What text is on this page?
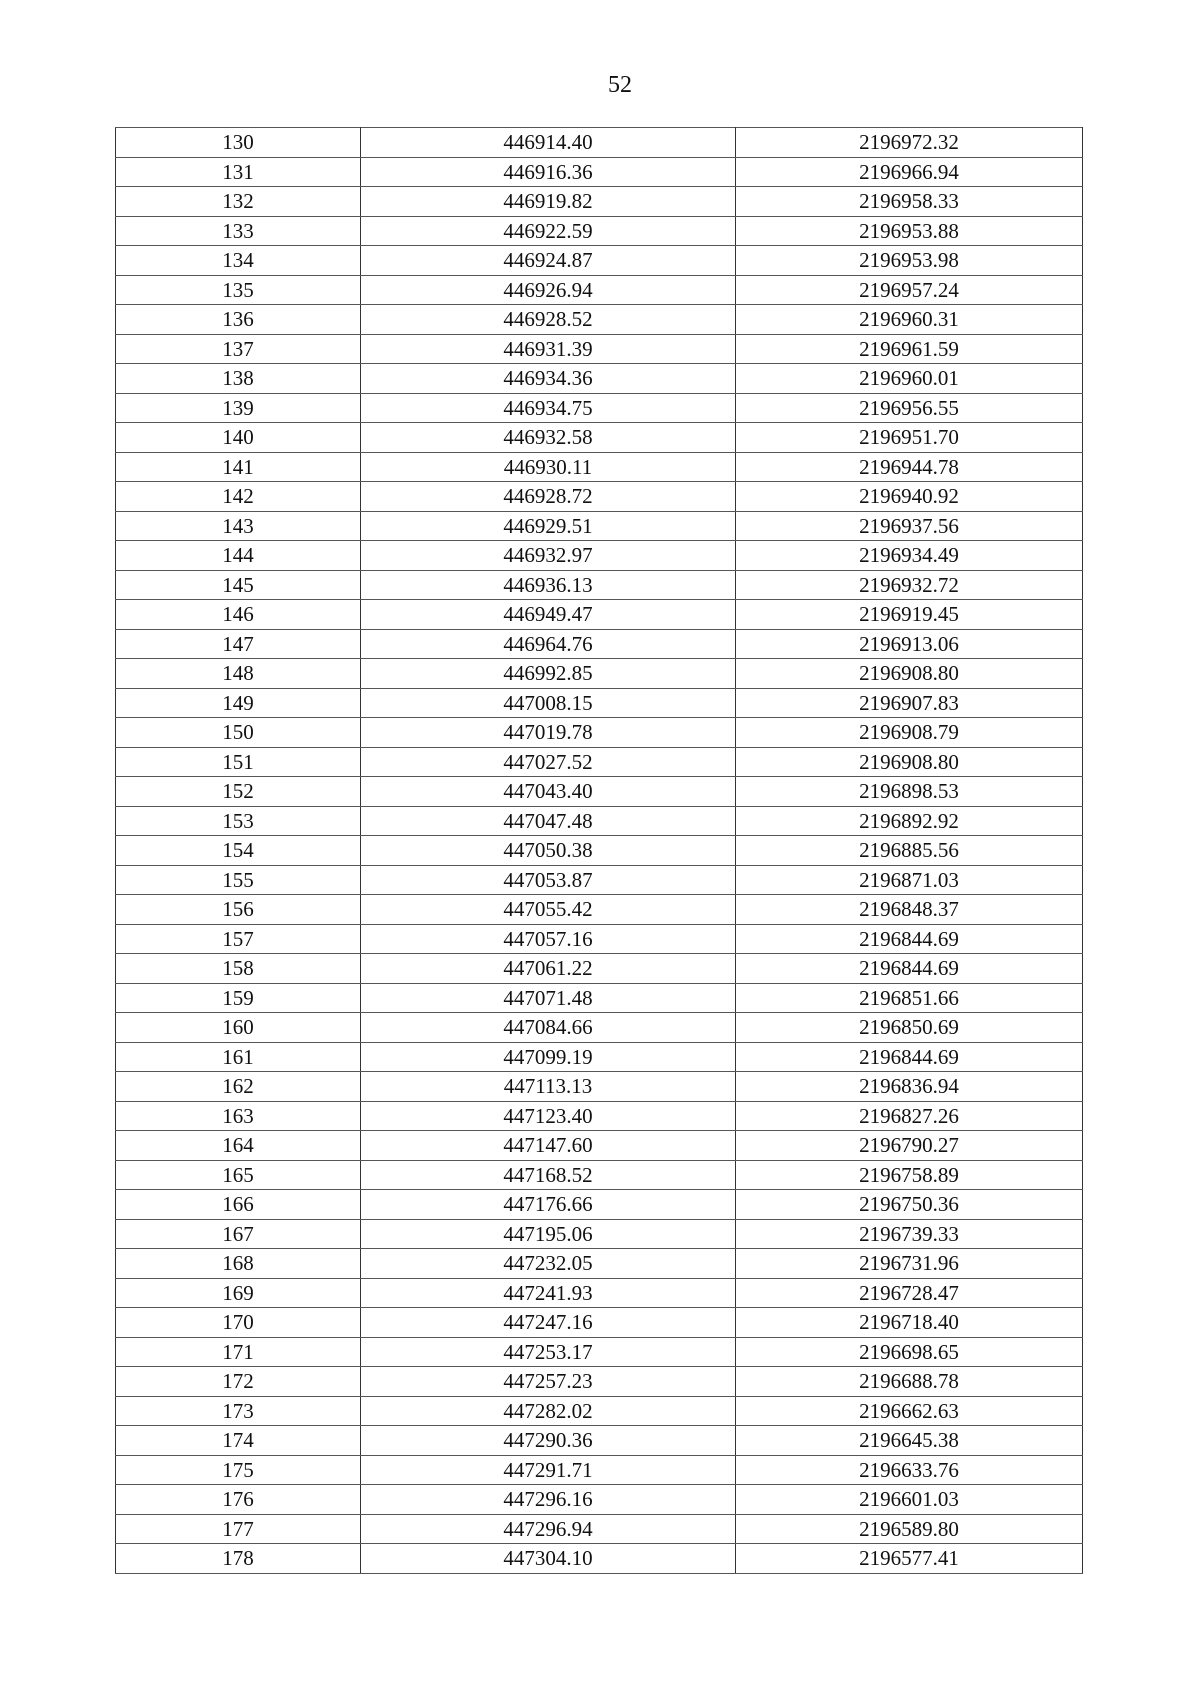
52
130	446914.40	2196972.32
131	446916.36	2196966.94
132	446919.82	2196958.33
133	446922.59	2196953.88
134	446924.87	2196953.98
135	446926.94	2196957.24
136	446928.52	2196960.31
137	446931.39	2196961.59
138	446934.36	2196960.01
139	446934.75	2196956.55
140	446932.58	2196951.70
141	446930.11	2196944.78
142	446928.72	2196940.92
143	446929.51	2196937.56
144	446932.97	2196934.49
145	446936.13	2196932.72
146	446949.47	2196919.45
147	446964.76	2196913.06
148	446992.85	2196908.80
149	447008.15	2196907.83
150	447019.78	2196908.79
151	447027.52	2196908.80
152	447043.40	2196898.53
153	447047.48	2196892.92
154	447050.38	2196885.56
155	447053.87	2196871.03
156	447055.42	2196848.37
157	447057.16	2196844.69
158	447061.22	2196844.69
159	447071.48	2196851.66
160	447084.66	2196850.69
161	447099.19	2196844.69
162	447113.13	2196836.94
163	447123.40	2196827.26
164	447147.60	2196790.27
165	447168.52	2196758.89
166	447176.66	2196750.36
167	447195.06	2196739.33
168	447232.05	2196731.96
169	447241.93	2196728.47
170	447247.16	2196718.40
171	447253.17	2196698.65
172	447257.23	2196688.78
173	447282.02	2196662.63
174	447290.36	2196645.38
175	447291.71	2196633.76
176	447296.16	2196601.03
177	447296.94	2196589.80
178	447304.10	2196577.41
